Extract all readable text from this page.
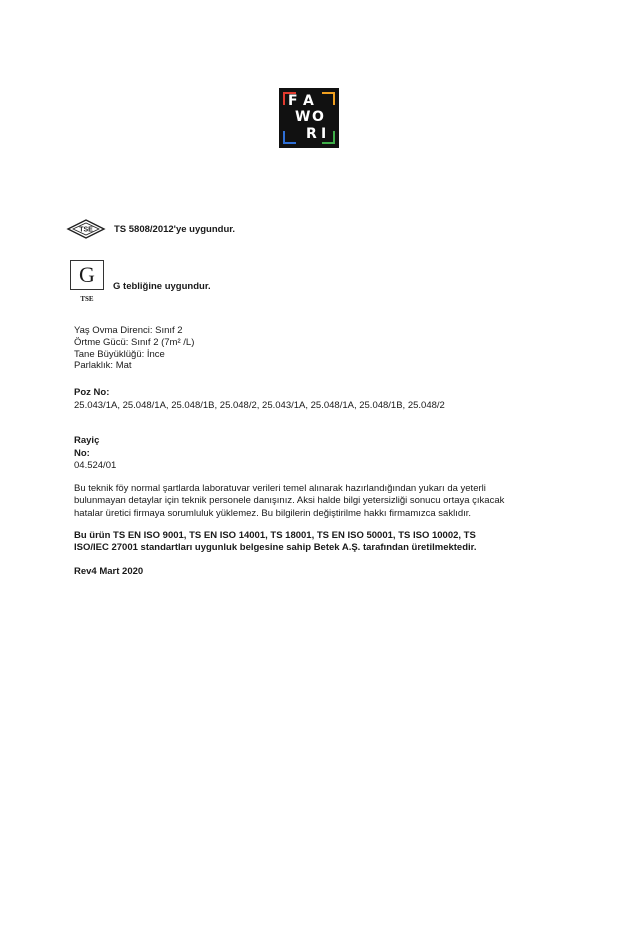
F A
W O
R I
TSE TS 5808/2012'ye uygundur.
G
TSE
G tebliğine uygundur.
Yaş Ovma Direnci: Sınıf 2
Örtme Gücü: Sınıf 2 (7m² /L)
Tane Büyüklüğü: İnce
Parlaklık: Mat
Poz No:
25.043/1A, 25.048/1A, 25.048/1B, 25.048/2, 25.043/1A, 25.048/1A, 25.048/1B, 25.048/2
Rayiç
No:
04.524/01
Bu teknik föy normal şartlarda laboratuvar verileri temel alınarak hazırlandığından yukarı da yeterli
bulunmayan detaylar için teknik personele danışınız. Aksi halde bilgi yetersizliği sonucu ortaya çıkacak
hatalar üretici firmaya sorumluluk yüklemez. Bu bilgilerin değiştirilme hakkı firmamızca saklıdır.
Bu ürün TS EN ISO 9001, TS EN ISO 14001, TS 18001, TS EN ISO 50001, TS ISO 10002, TS
ISO/IEC 27001 standartları uygunluk belgesine sahip Betek A.Ş. tarafından üretilmektedir.
Rev4 Mart 2020
